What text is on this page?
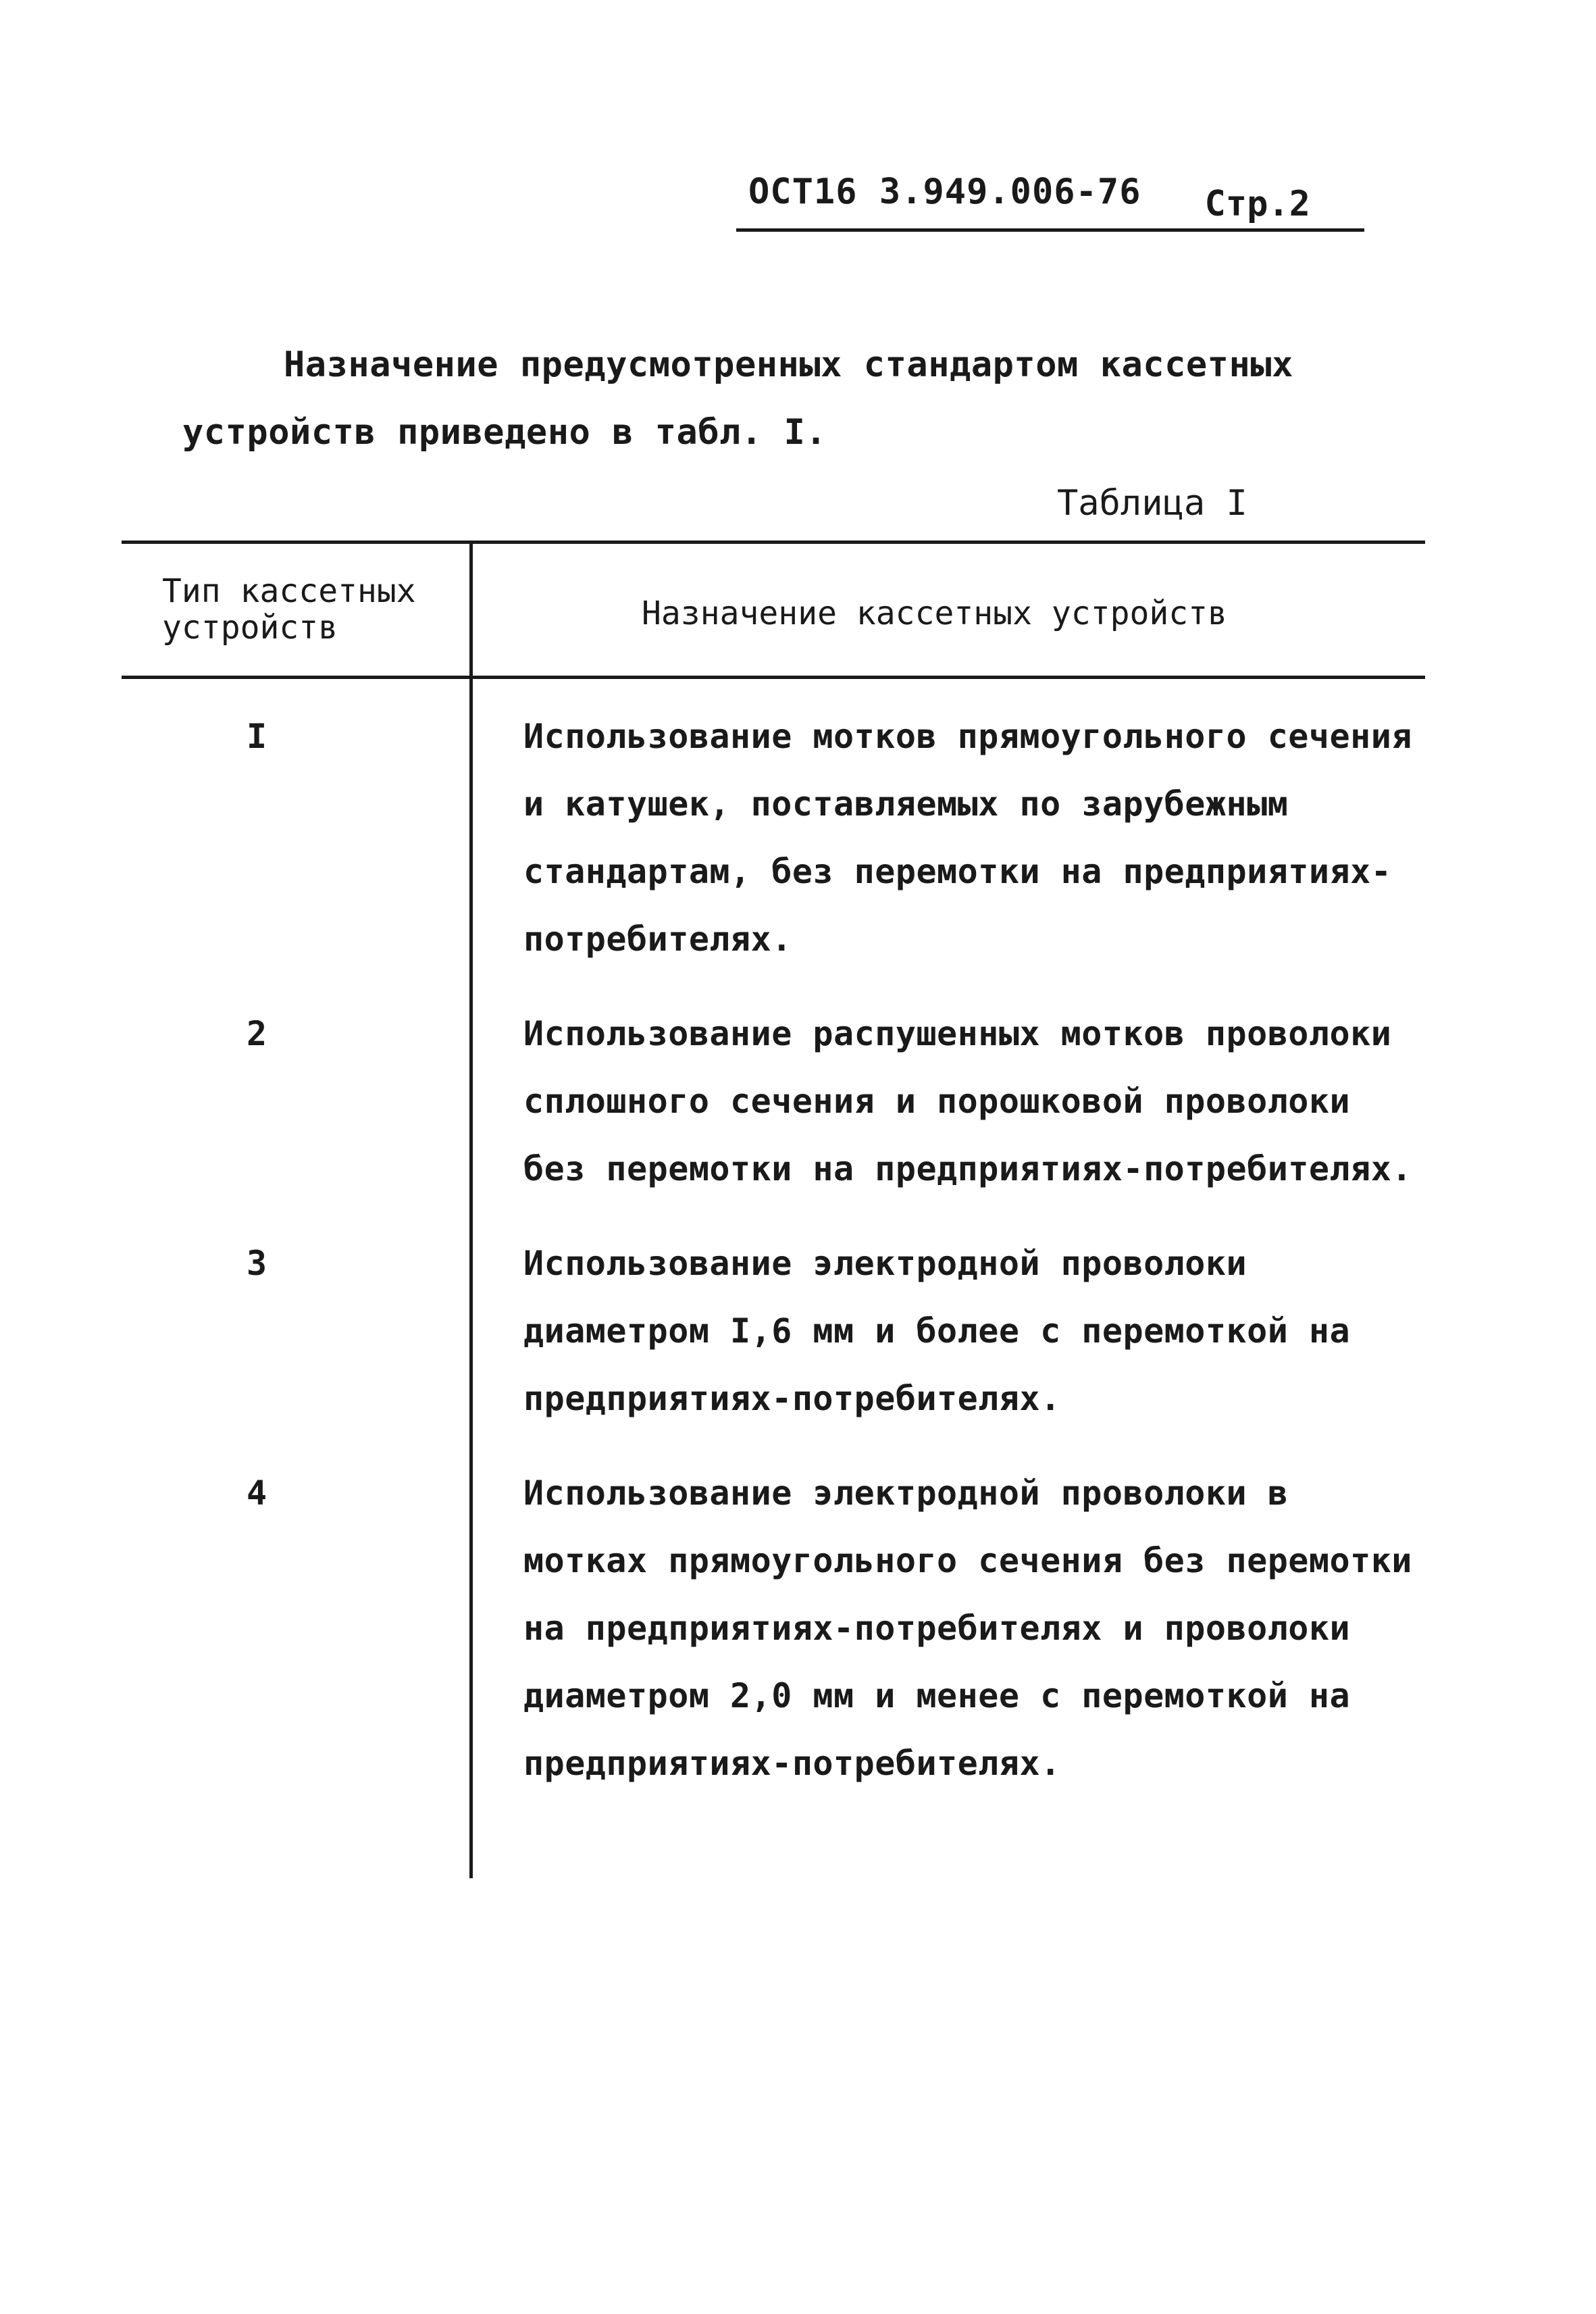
ОСТ16 3.949.006-76 Стр.2

Назначение предусмотренных стандартом кассетных устройств приведено в табл. I.

Таблица I
Тип кассетных устройств	Назначение кассетных устройств
I	Использование мотков прямоугольного сечения и катушек, поставляемых по зарубежным стандартам, без перемотки на предприятиях-потребителях.
2	Использование распушенных мотков проволоки сплошного сечения и порошковой проволоки без перемотки на предприятиях-потребителях.
3	Использование электродной проволоки диаметром I,6 мм и более с перемоткой на предприятиях-потребителях.
4	Использование электродной проволоки в мотках прямоугольного сечения без перемотки на предприятиях-потребителях и проволоки диаметром 2,0 мм и менее с перемоткой на предприятиях-потребителях.
